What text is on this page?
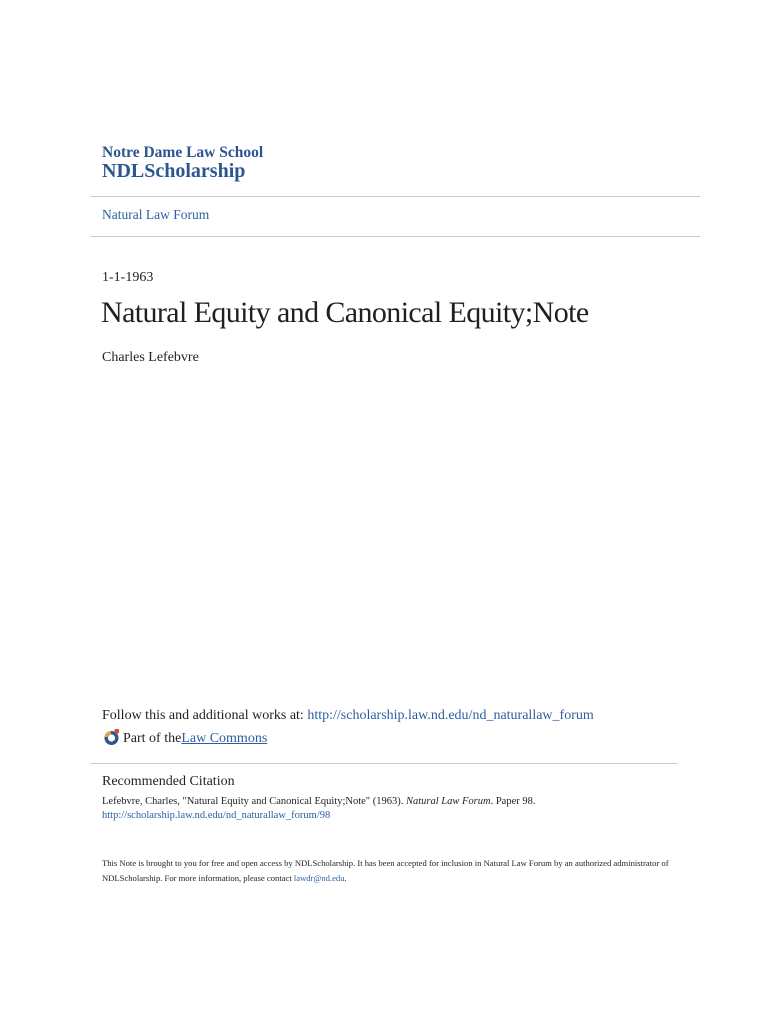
Notre Dame Law School
NDLScholarship
Natural Law Forum
1-1-1963
Natural Equity and Canonical Equity;Note
Charles Lefebvre
Follow this and additional works at: http://scholarship.law.nd.edu/nd_naturallaw_forum
Part of the Law Commons
Recommended Citation
Lefebvre, Charles, "Natural Equity and Canonical Equity;Note" (1963). Natural Law Forum. Paper 98.
http://scholarship.law.nd.edu/nd_naturallaw_forum/98
This Note is brought to you for free and open access by NDLScholarship. It has been accepted for inclusion in Natural Law Forum by an authorized administrator of NDLScholarship. For more information, please contact lawdr@nd.edu.
